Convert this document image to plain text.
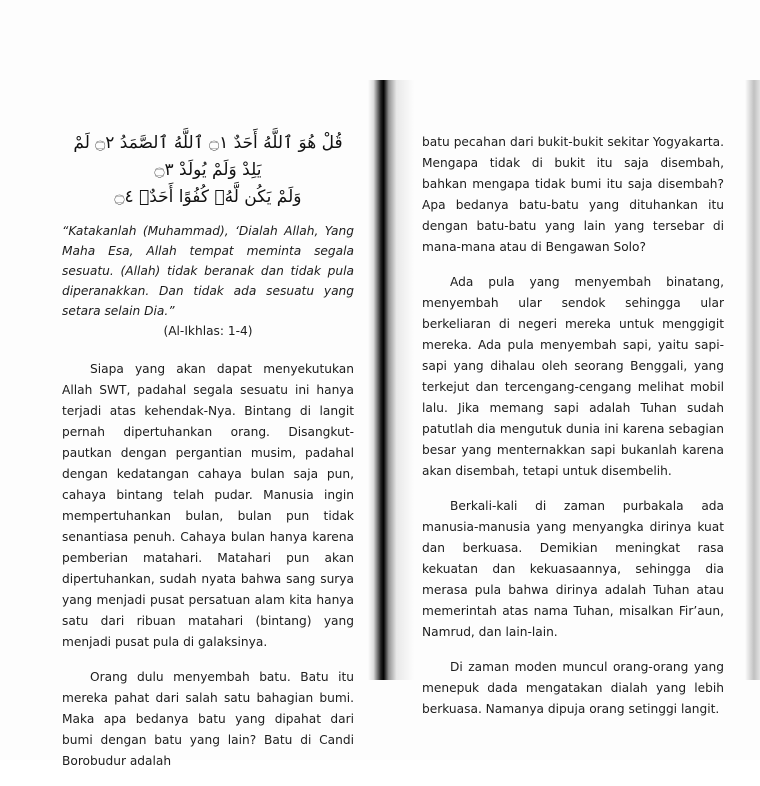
قُلْ هُوَ ٱللَّهُ أَحَدٌ ۝١ ٱللَّهُ ٱلصَّمَدُ ۝٢ لَمْ يَلِدْ وَلَمْ يُولَدْ ۝٣
وَلَمْ يَكُن لَّهُۥ كُفُوًا أَحَدٌۢ ۝٤

“Katakanlah (Muhammad), ‘Dialah Allah, Yang Maha Esa, Allah tempat meminta segala sesuatu. (Allah) tidak beranak dan tidak pula diperanakkan. Dan tidak ada sesuatu yang setara selain Dia.”

(Al-Ikhlas: 1-4)

Siapa yang akan dapat menyekutukan Allah SWT, padahal segala sesuatu ini hanya terjadi atas kehendak-Nya. Bintang di langit pernah dipertuhankan orang. Disangkut-pautkan dengan pergantian musim, padahal dengan kedatangan cahaya bulan saja pun, cahaya bintang telah pudar. Manusia ingin mempertuhankan bulan, bulan pun tidak senantiasa penuh. Cahaya bulan hanya karena pemberian matahari. Matahari pun akan dipertuhankan, sudah nyata bahwa sang surya yang menjadi pusat persatuan alam kita hanya satu dari ribuan matahari (bintang) yang menjadi pusat pula di galaksinya.

Orang dulu menyembah batu. Batu itu mereka pahat dari salah satu bahagian bumi. Maka apa bedanya batu yang dipahat dari bumi dengan batu yang lain? Batu di Candi Borobudur adalah

batu pecahan dari bukit-bukit sekitar Yogyakarta. Mengapa tidak di bukit itu saja disembah, bahkan mengapa tidak bumi itu saja disembah? Apa bedanya batu-batu yang dituhankan itu dengan batu-batu yang lain yang tersebar di mana-mana atau di Bengawan Solo?

Ada pula yang menyembah binatang, menyembah ular sendok sehingga ular berkeliaran di negeri mereka untuk menggigit mereka. Ada pula menyembah sapi, yaitu sapi-sapi yang dihalau oleh seorang Benggali, yang terkejut dan tercengang-cengang melihat mobil lalu. Jika memang sapi adalah Tuhan sudah patutlah dia mengutuk dunia ini karena sebagian besar yang menternakkan sapi bukanlah karena akan disembah, tetapi untuk disembelih.

Berkali-kali di zaman purbakala ada manusia-manusia yang menyangka dirinya kuat dan berkuasa. Demikian meningkat rasa kekuatan dan kekuasaannya, sehingga dia merasa pula bahwa dirinya adalah Tuhan atau memerintah atas nama Tuhan, misalkan Fir’aun, Namrud, dan lain-lain.

Di zaman moden muncul orang-orang yang menepuk dada mengatakan dialah yang lebih berkuasa. Namanya dipuja orang setinggi langit.
